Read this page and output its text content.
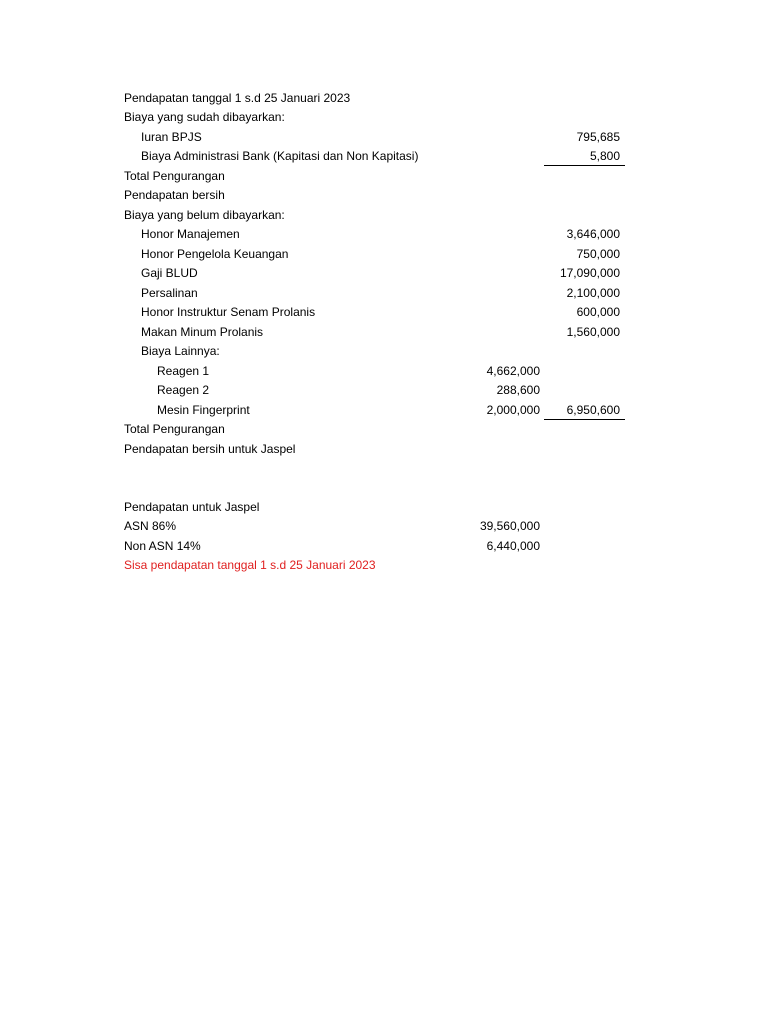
Pendapatan tanggal 1 s.d 25 Januari 2023
Biaya yang sudah dibayarkan:
Iuran BPJS	795,685
Biaya Administrasi Bank (Kapitasi dan Non Kapitasi)	5,800
Total Pengurangan
Pendapatan bersih
Biaya yang belum dibayarkan:
Honor Manajemen	3,646,000
Honor Pengelola Keuangan	750,000
Gaji BLUD	17,090,000
Persalinan	2,100,000
Honor Instruktur Senam Prolanis	600,000
Makan Minum Prolanis	1,560,000
Biaya Lainnya:
Reagen 1	4,662,000
Reagen 2	288,600
Mesin Fingerprint	2,000,000	6,950,600
Total Pengurangan
Pendapatan bersih untuk Jaspel
Pendapatan untuk Jaspel
ASN 86%	39,560,000
Non ASN 14%	6,440,000
Sisa pendapatan tanggal 1 s.d 25 Januari 2023
